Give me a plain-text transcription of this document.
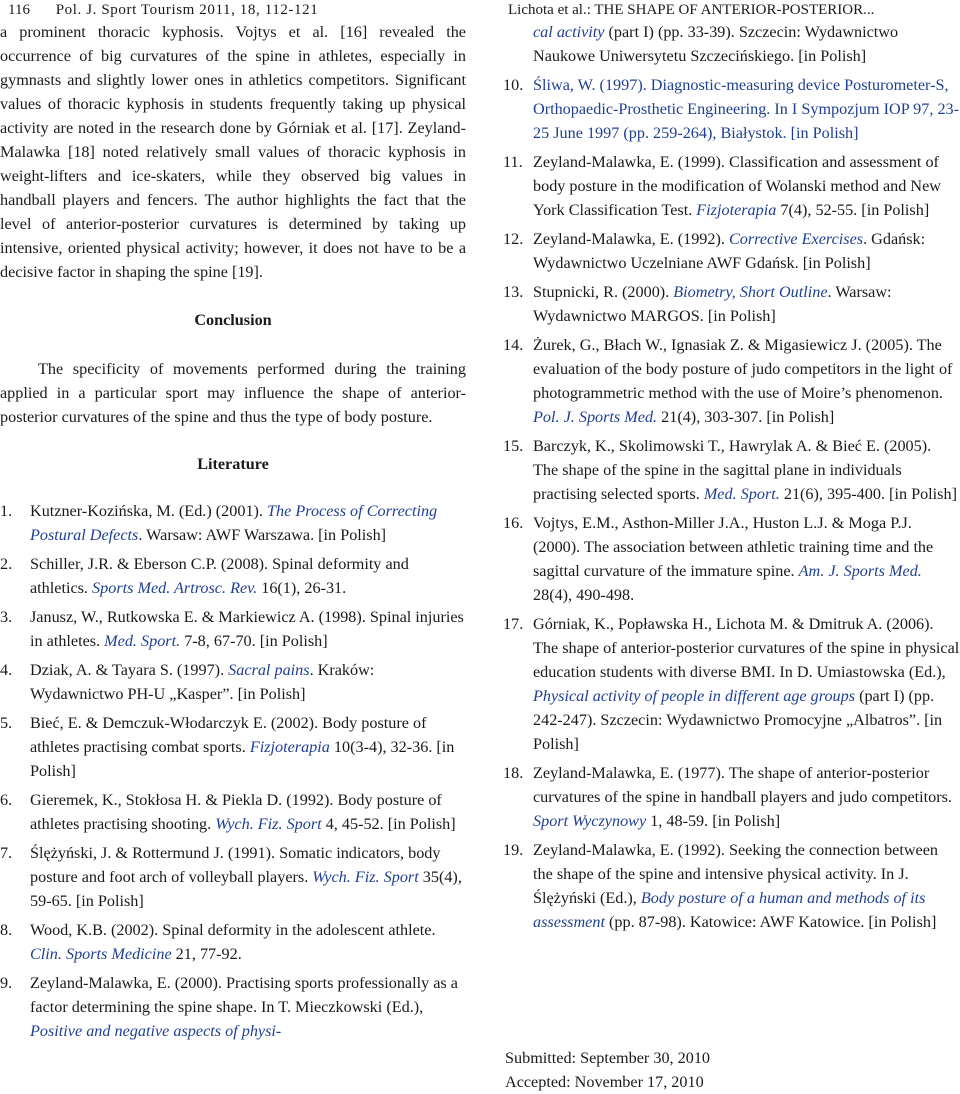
116 Pol. J. Sport Tourism 2011, 18, 112-121	Lichota et al.: THE SHAPE OF ANTERIOR-POSTERIOR...

a prominent thoracic kyphosis. Vojtys et al. [16] revealed the occurrence of big curvatures of the spine in athletes, especially in gymnasts and slightly lower ones in athletics competitors. Significant values of thoracic kyphosis in students frequently taking up physical activity are noted in the research done by Górniak et al. [17]. Zeyland-Malawka [18] noted relatively small values of thoracic kyphosis in weight-lifters and ice-skaters, while they observed big values in handball players and fencers. The author highlights the fact that the level of anterior-posterior curvatures is determined by taking up intensive, oriented physical activity; however, it does not have to be a decisive factor in shaping the spine [19].

Conclusion

The specificity of movements performed during the training applied in a particular sport may influence the shape of anterior-posterior curvatures of the spine and thus the type of body posture.

Literature
1.	Kutzner-Kozińska, M. (Ed.) (2001). The Process of Correcting Postural Defects. Warsaw: AWF Warszawa. [in Polish]
2.	Schiller, J.R. & Eberson C.P. (2008). Spinal deformity and athletics. Sports Med. Artrosc. Rev. 16(1), 26-31.
3.	Janusz, W., Rutkowska E. & Markiewicz A. (1998). Spinal injuries in athletes. Med. Sport. 7-8, 67-70. [in Polish]
4.	Dziak, A. & Tayara S. (1997). Sacral pains. Kraków: Wydawnictwo PH-U „Kasper”. [in Polish]
5.	Bieć, E. & Demczuk-Włodarczyk E. (2002). Body posture of athletes practising combat sports. Fizjoterapia 10(3-4), 32-36. [in Polish]
6.	Gieremek, K., Stokłosa H. & Piekla D. (1992). Body posture of athletes practising shooting. Wych. Fiz. Sport 4, 45-52. [in Polish]
7.	Ślężyński, J. & Rottermund J. (1991). Somatic indicators, body posture and foot arch of volleyball players. Wych. Fiz. Sport 35(4), 59-65. [in Polish]
8.	Wood, K.B. (2002). Spinal deformity in the adolescent athlete. Clin. Sports Medicine 21, 77-92.
9.	Zeyland-Malawka, E. (2000). Practising sports professionally as a factor determining the spine shape. In T. Mieczkowski (Ed.), Positive and negative aspects of physi-
cal activity (part I) (pp. 33-39). Szczecin: Wydawnictwo Naukowe Uniwersytetu Szczecińskiego. [in Polish]
10. Śliwa, W. (1997). Diagnostic-measuring device Posturometer-S, Orthopaedic-Prosthetic Engineering. In I Sympozjum IOP 97, 23-25 June 1997 (pp. 259-264), Białystok. [in Polish]
11. Zeyland-Malawka, E. (1999). Classification and assessment of body posture in the modification of Wolanski method and New York Classification Test. Fizjoterapia 7(4), 52-55. [in Polish]
12. Zeyland-Malawka, E. (1992). Corrective Exercises. Gdańsk: Wydawnictwo Uczelniane AWF Gdańsk. [in Polish]
13. Stupnicki, R. (2000). Biometry, Short Outline. Warsaw: Wydawnictwo MARGOS. [in Polish]
14. Żurek, G., Błach W., Ignasiak Z. & Migasiewicz J. (2005). The evaluation of the body posture of judo competitors in the light of photogrammetric method with the use of Moire’s phenomenon. Pol. J. Sports Med. 21(4), 303-307. [in Polish]
15. Barczyk, K., Skolimowski T., Hawrylak A. & Bieć E. (2005). The shape of the spine in the sagittal plane in individuals practising selected sports. Med. Sport. 21(6), 395-400. [in Polish]
16. Vojtys, E.M., Asthon-Miller J.A., Huston L.J. & Moga P.J. (2000). The association between athletic training time and the sagittal curvature of the immature spine. Am. J. Sports Med. 28(4), 490-498.
17. Górniak, K., Popławska H., Lichota M. & Dmitruk A. (2006). The shape of anterior-posterior curvatures of the spine in physical education students with diverse BMI. In D. Umiastowska (Ed.), Physical activity of people in different age groups (part I) (pp. 242-247). Szczecin: Wydawnictwo Promocyjne „Albatros”. [in Polish]
18. Zeyland-Malawka, E. (1977). The shape of anterior-posterior curvatures of the spine in handball players and judo competitors. Sport Wyczynowy 1, 48-59. [in Polish]
19. Zeyland-Malawka, E. (1992). Seeking the connection between the shape of the spine and intensive physical activity. In J. Ślężyński (Ed.), Body posture of a human and methods of its assessment (pp. 87-98). Katowice: AWF Katowice. [in Polish]
Submitted: September 30, 2010
Accepted: November 17, 2010
